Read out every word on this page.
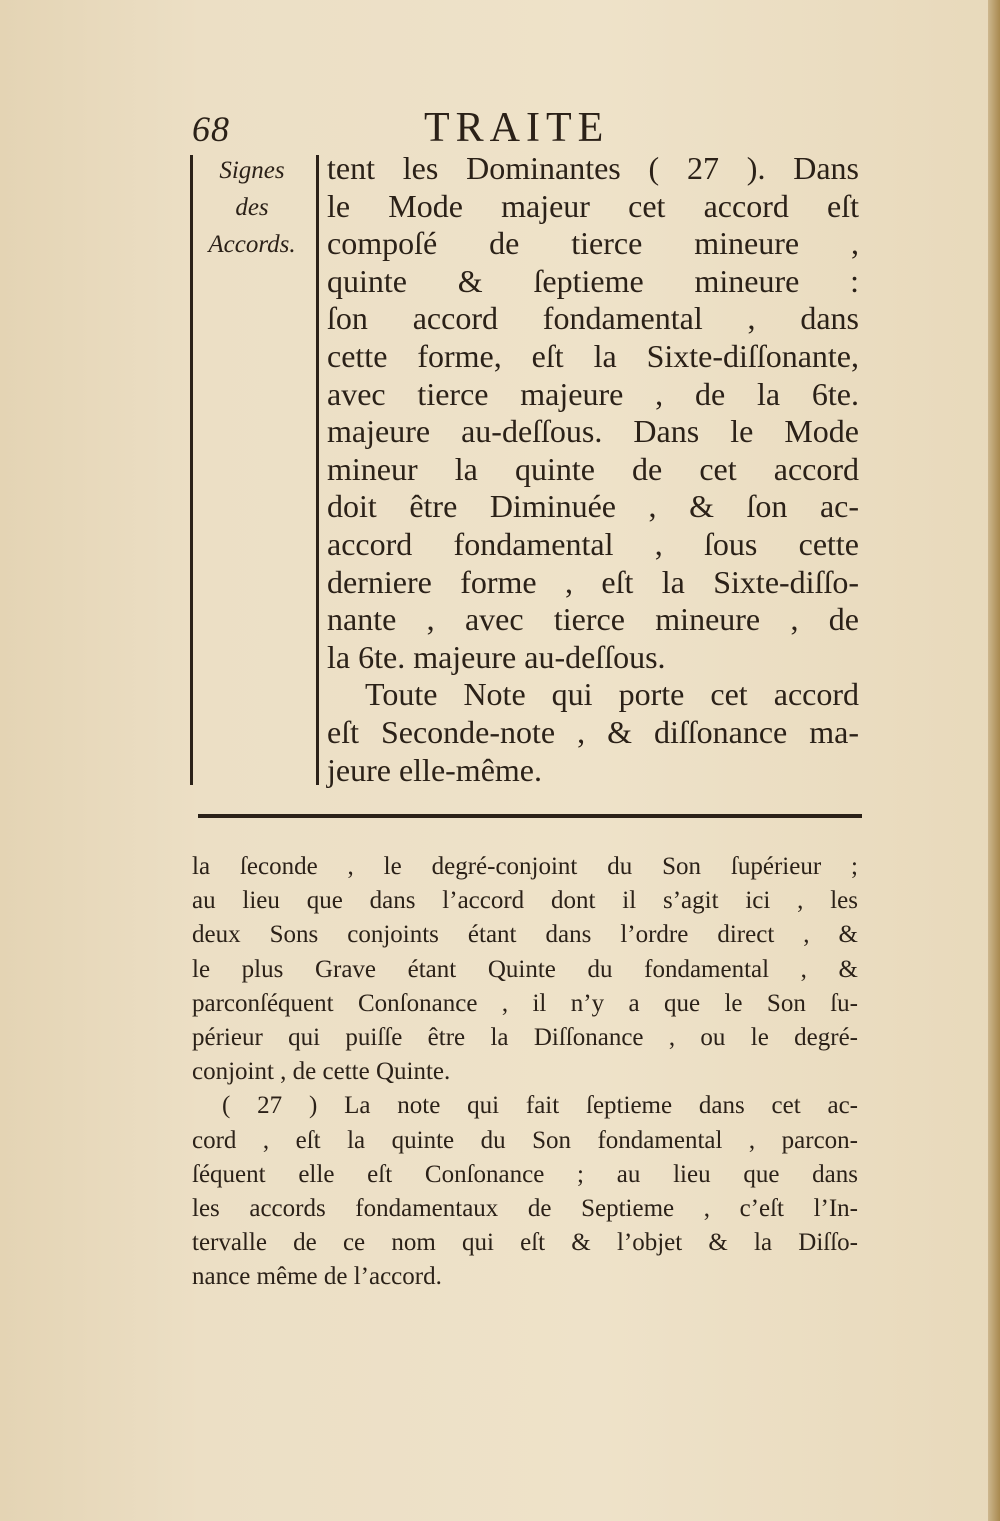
68	TRAITE
Signes
des
Accords.
tent les Dominantes ( 27 ). Dans
le Mode majeur cet accord eſt
compoſé de tierce mineure ,
quinte & ſeptieme mineure :
ſon accord fondamental , dans
cette forme, eſt la Sixte-diſſonante,
avec tierce majeure , de la 6te.
majeure au-deſſous. Dans le Mode
mineur la quinte de cet accord
doit être Diminuée , & ſon ac-
accord fondamental , ſous cette
derniere forme , eſt la Sixte-diſſo-
nante , avec tierce mineure , de
la 6te. majeure au-deſſous.
Toute Note qui porte cet accord
eſt Seconde-note , & diſſonance ma-
jeure elle-même.
la ſeconde , le degré-conjoint du Son ſupérieur ;
au lieu que dans l’accord dont il s’agit ici , les
deux Sons conjoints étant dans l’ordre direct , &
le plus Grave étant Quinte du fondamental , &
parconſéquent Conſonance , il n’y a que le Son ſu-
périeur qui puiſſe être la Diſſonance , ou le degré-
conjoint , de cette Quinte.
( 27 ) La note qui fait ſeptieme dans cet ac-
cord , eſt la quinte du Son fondamental , parcon-
ſéquent elle eſt Conſonance ; au lieu que dans
les accords fondamentaux de Septieme , c’eſt l’In-
tervalle de ce nom qui eſt & l’objet & la Diſſo-
nance même de l’accord.
